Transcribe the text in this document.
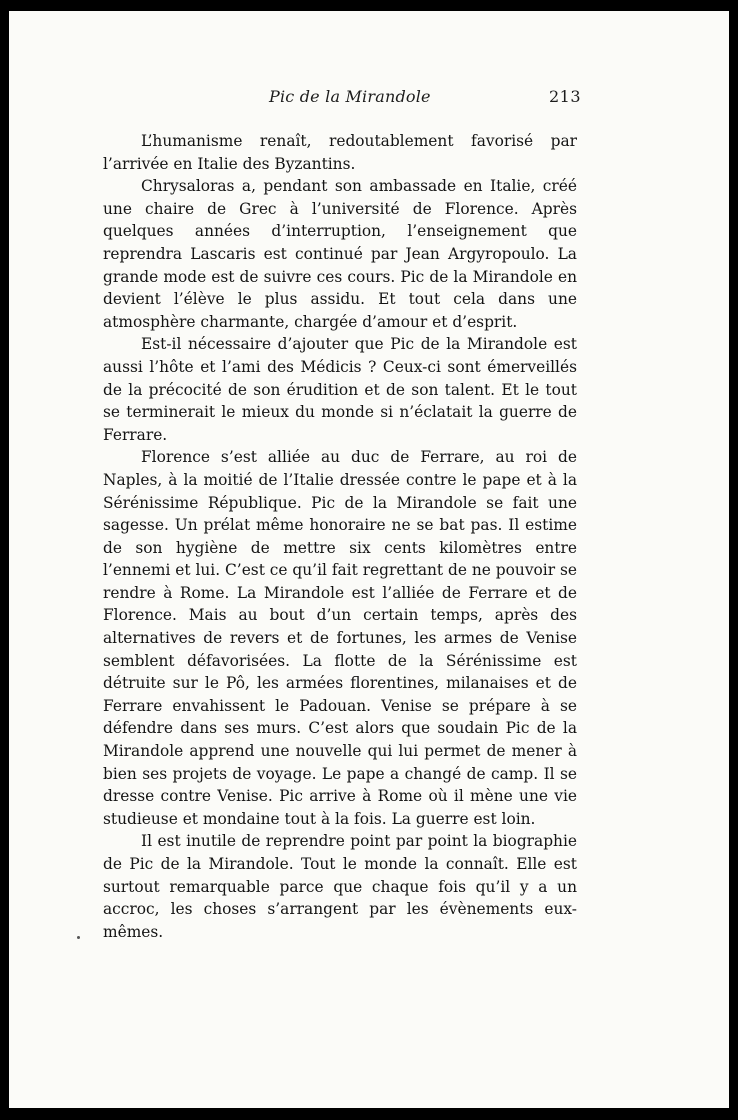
Pic de la Mirandole	213

L’humanisme renaît, redoutablement favorisé par l’arrivée en Italie des Byzantins.

Chrysaloras a, pendant son ambassade en Italie, créé une chaire de Grec à l’université de Florence. Après quelques années d’interruption, l’enseignement que reprendra Lascaris est continué par Jean Argyropoulo. La grande mode est de suivre ces cours. Pic de la Mirandole en devient l’élève le plus assidu. Et tout cela dans une atmosphère charmante, chargée d’amour et d’esprit.

Est-il nécessaire d’ajouter que Pic de la Mirandole est aussi l’hôte et l’ami des Médicis ? Ceux-ci sont émerveillés de la précocité de son érudition et de son talent. Et le tout se terminerait le mieux du monde si n’éclatait la guerre de Ferrare.

Florence s’est alliée au duc de Ferrare, au roi de Naples, à la moitié de l’Italie dressée contre le pape et à la Sérénissime République. Pic de la Mirandole se fait une sagesse. Un prélat même honoraire ne se bat pas. Il estime de son hygiène de mettre six cents kilomètres entre l’ennemi et lui. C’est ce qu’il fait regrettant de ne pouvoir se rendre à Rome. La Mirandole est l’alliée de Ferrare et de Florence. Mais au bout d’un certain temps, après des alternatives de revers et de fortunes, les armes de Venise semblent défavorisées. La flotte de la Sérénissime est détruite sur le Pô, les armées florentines, milanaises et de Ferrare envahissent le Padouan. Venise se prépare à se défendre dans ses murs. C’est alors que soudain Pic de la Mirandole apprend une nouvelle qui lui permet de mener à bien ses projets de voyage. Le pape a changé de camp. Il se dresse contre Venise. Pic arrive à Rome où il mène une vie studieuse et mondaine tout à la fois. La guerre est loin.

Il est inutile de reprendre point par point la biographie de Pic de la Mirandole. Tout le monde la connaît. Elle est surtout remarquable parce que chaque fois qu’il y a un accroc, les choses s’arrangent par les évènements eux-mêmes.
